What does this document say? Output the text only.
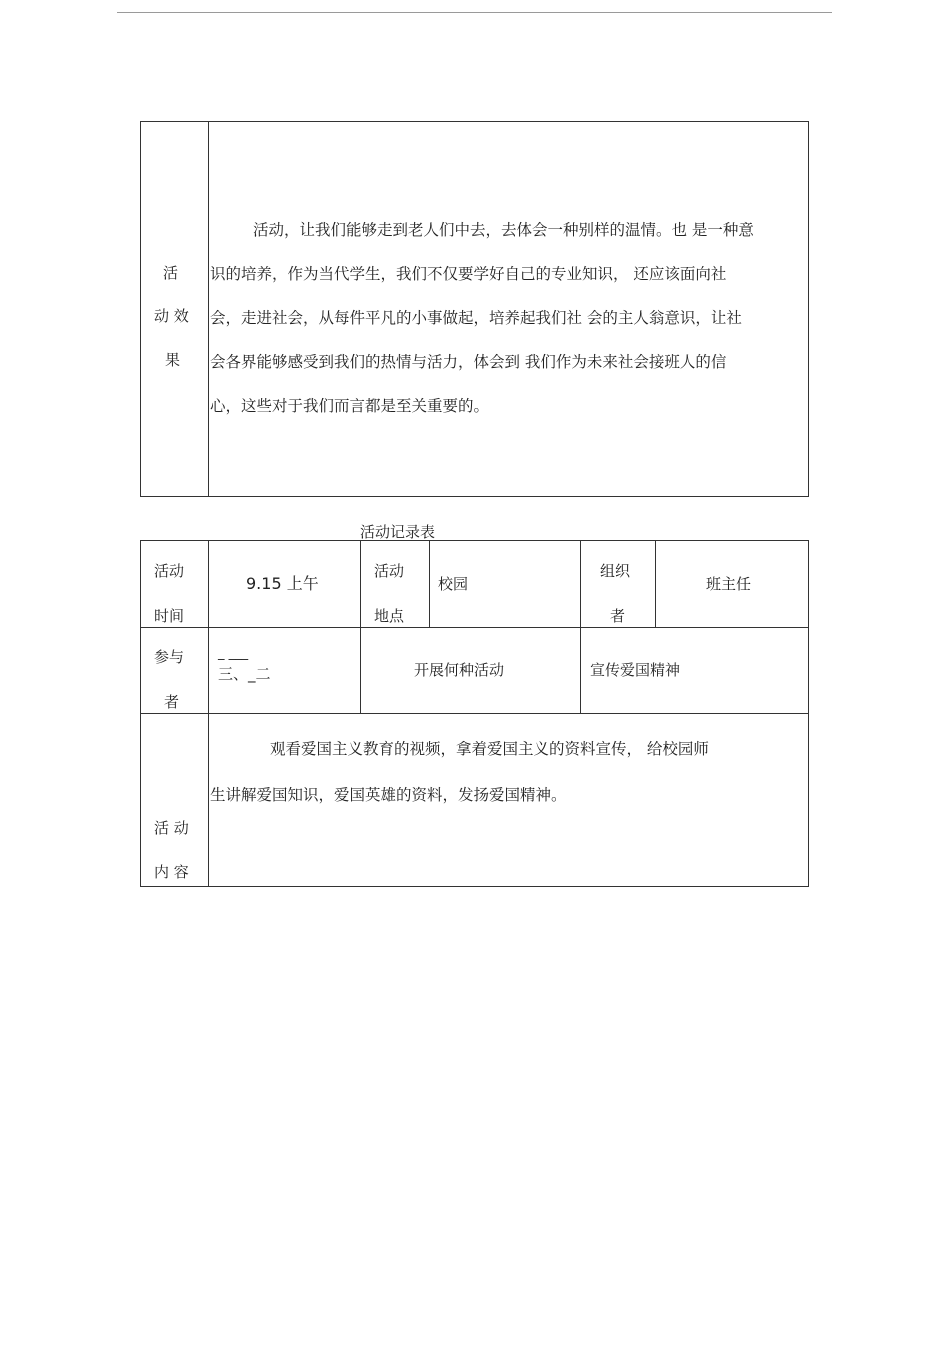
活
动 效
果
活动，让我们能够走到老人们中去，去体会一种别样的温情。也 是一种意
识的培养，作为当代学生，我们不仅要学好自己的专业知识， 还应该面向社
会，走进社会，从每件平凡的小事做起，培养起我们社 会的主人翁意识，让社
会各界能够感受到我们的热情与活力，体会到 我们作为未来社会接班人的信
心，这些对于我们而言都是至关重要的。
活动记录表
活动
时间
9.15 上午
活动
地点
校园
组织
者
班主任
参与
者
_ ___
三、_二	开展何种活动	宣传爱国精神
活 动
内 容
观看爱国主义教育的视频，拿着爱国主义的资料宣传， 给校园师
生讲解爱国知识，爱国英雄的资料，发扬爱国精神。
